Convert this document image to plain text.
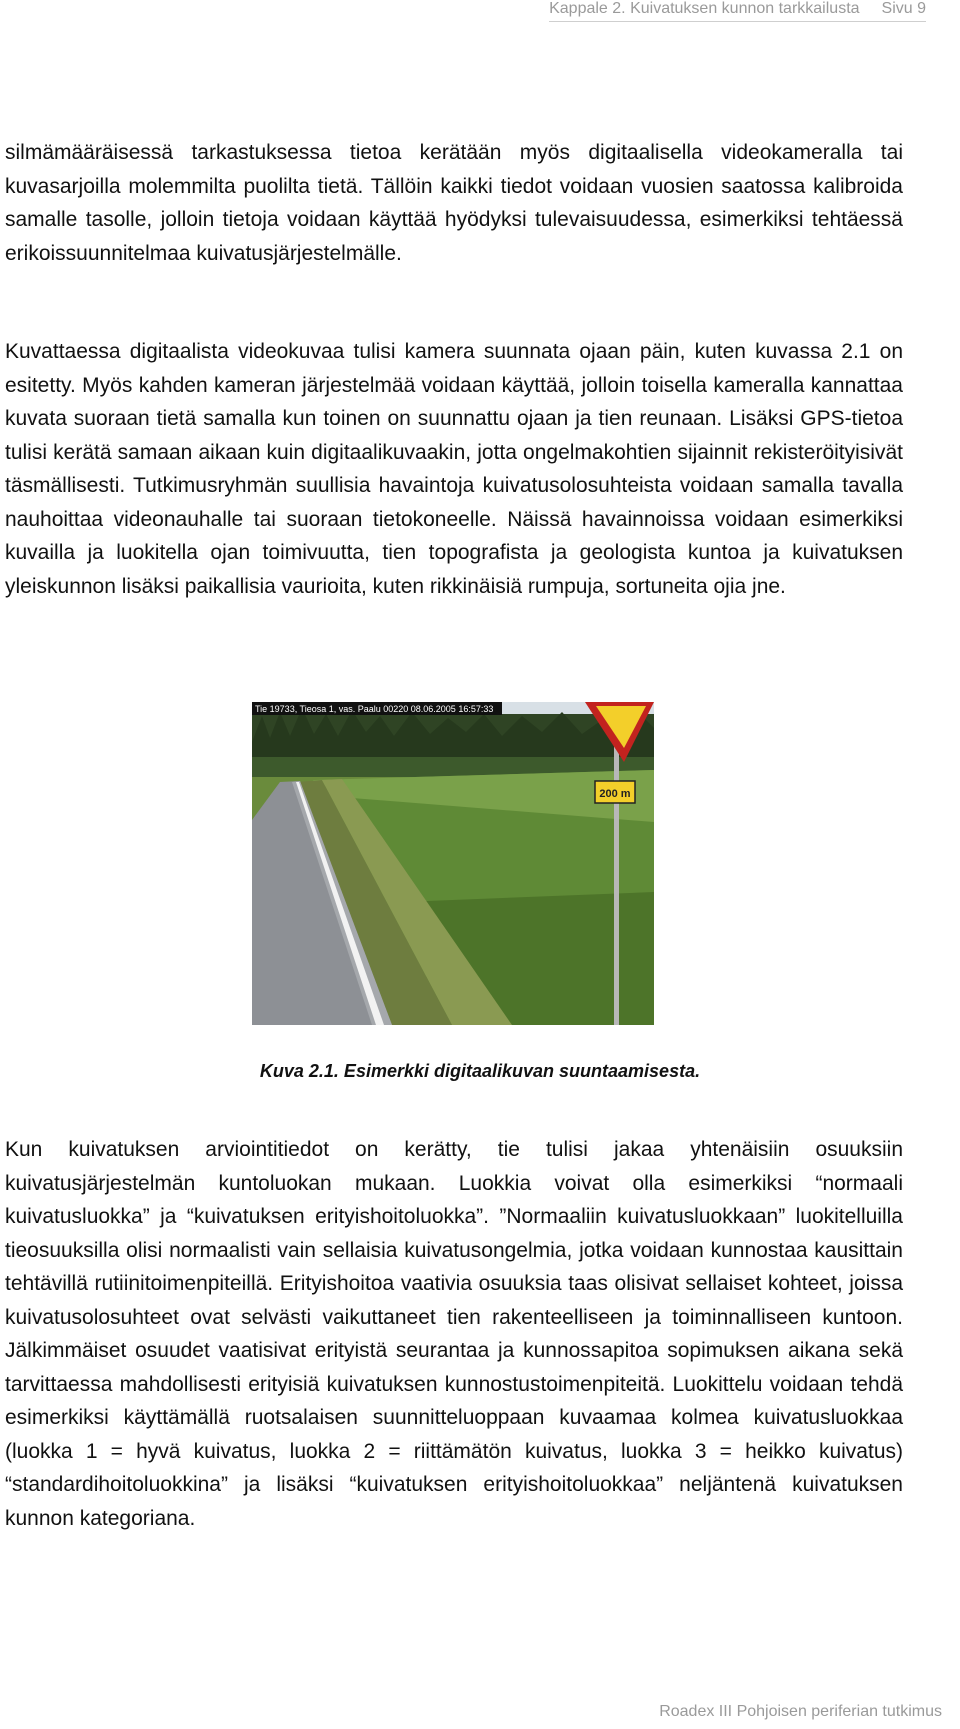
Kappale 2. Kuivatuksen kunnon tarkkailusta Sivu 9

silmämääräisessä tarkastuksessa tietoa kerätään myös digitaalisella videokameralla tai kuvasarjoilla molemmilta puolilta tietä. Tällöin kaikki tiedot voidaan vuosien saatossa kalibroida samalle tasolle, jolloin tietoja voidaan käyttää hyödyksi tulevaisuudessa, esimerkiksi tehtäessä erikoissuunnitelmaa kuivatusjärjestelmälle.

Kuvattaessa digitaalista videokuvaa tulisi kamera suunnata ojaan päin, kuten kuvassa 2.1 on esitetty. Myös kahden kameran järjestelmää voidaan käyttää, jolloin toisella kameralla kannattaa kuvata suoraan tietä samalla kun toinen on suunnattu ojaan ja tien reunaan. Lisäksi GPS-tietoa tulisi kerätä samaan aikaan kuin digitaalikuvaakin, jotta ongelmakohtien sijainnit rekisteröityisivät täsmällisesti. Tutkimusryhmän suullisia havaintoja kuivatusolosuhteista voidaan samalla tavalla nauhoittaa videonauhalle tai suoraan tietokoneelle. Näissä havainnoissa voidaan esimerkiksi kuvailla ja luokitella ojan toimivuutta, tien topografista ja geologista kuntoa ja kuivatuksen yleiskunnon lisäksi paikallisia vaurioita, kuten rikkinäisiä rumpuja, sortuneita ojia jne.

200 m
Tie 19733, Tieosa 1, vas. Paalu 00220 08.06.2005 16:57:33
Kuva 2.1. Esimerkki digitaalikuvan suuntaamisesta.

Kun kuivatuksen arviointitiedot on kerätty, tie tulisi jakaa yhtenäisiin osuuksiin kuivatusjärjestelmän kuntoluokan mukaan. Luokkia voivat olla esimerkiksi “normaali kuivatusluokka” ja “kuivatuksen erityishoitoluokka”. ”Normaaliin kuivatusluokkaan” luokitelluilla tieosuuksilla olisi normaalisti vain sellaisia kuivatusongelmia, jotka voidaan kunnostaa kausittain tehtävillä rutiinitoimenpiteillä. Erityishoitoa vaativia osuuksia taas olisivat sellaiset kohteet, joissa kuivatusolosuhteet ovat selvästi vaikuttaneet tien rakenteelliseen ja toiminnalliseen kuntoon. Jälkimmäiset osuudet vaatisivat erityistä seurantaa ja kunnossapitoa sopimuksen aikana sekä tarvittaessa mahdollisesti erityisiä kuivatuksen kunnostustoimenpiteitä. Luokittelu voidaan tehdä esimerkiksi käyttämällä ruotsalaisen suunnitteluoppaan kuvaamaa kolmea kuivatusluokkaa (luokka 1 = hyvä kuivatus, luokka 2 = riittämätön kuivatus, luokka 3 = heikko kuivatus) “standardihoitoluokkina” ja lisäksi “kuivatuksen erityishoitoluokkaa” neljäntenä kuivatuksen kunnon kategoriana.

Roadex III Pohjoisen periferian tutkimus
